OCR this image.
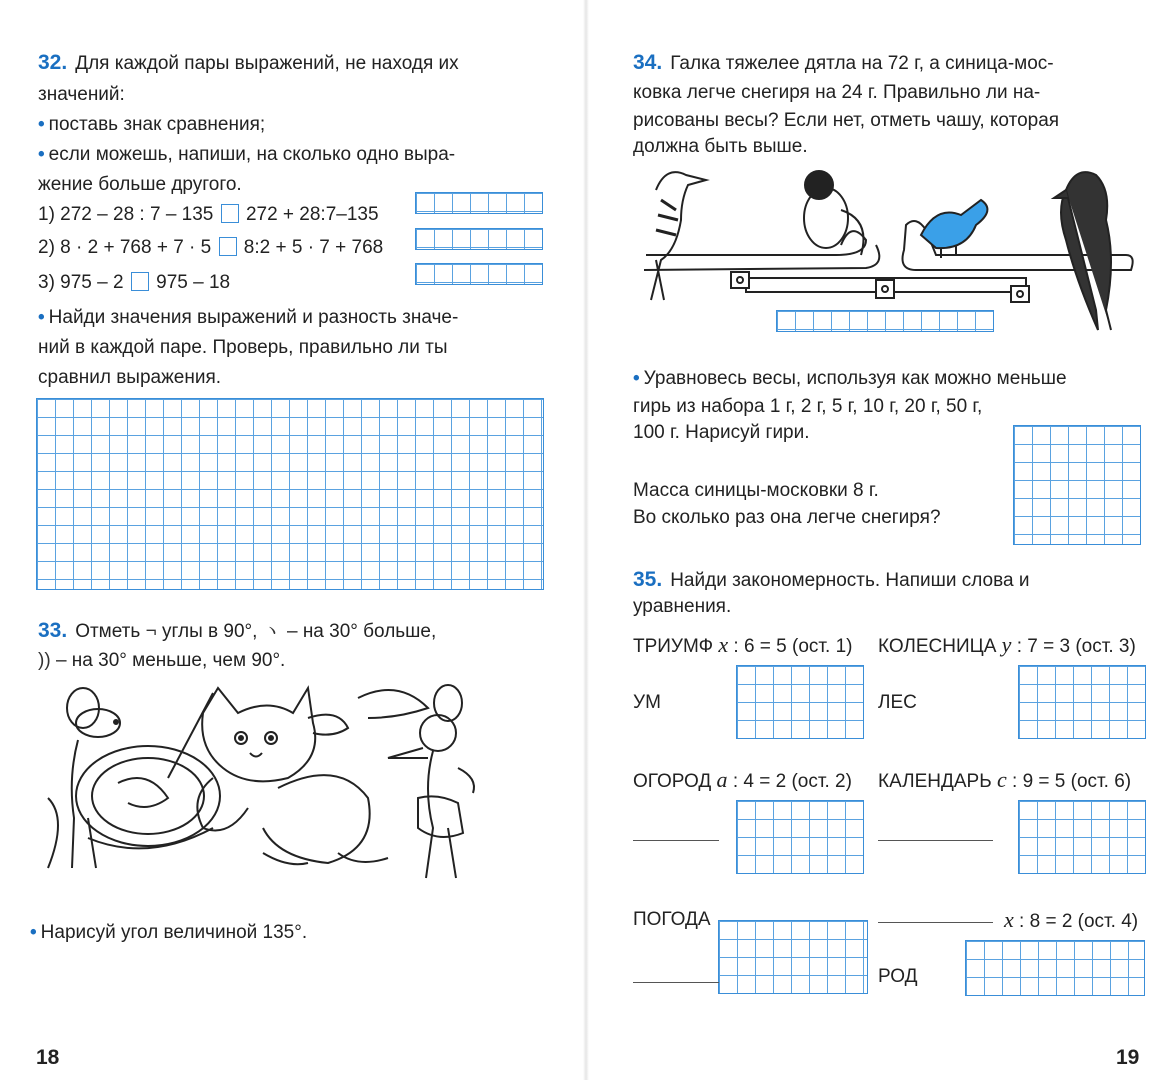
32. Для каждой пары выражений, не находя их
значений:
• поставь знак сравнения;
• если можешь, напиши, на сколько одно выра-
жение больше другого.
1) 272 – 28 : 7 – 135 272 + 28:7–135
2) 8 · 2 + 768 + 7 · 5 8:2 + 5 · 7 + 768
3) 975 – 2 975 – 18
• Найди значения выражений и разность значе-
ний в каждой паре. Проверь, правильно ли ты
сравнил выражения.
33. Отметь ¬ углы в 90°, ヽ – на 30° больше,
)) – на 30° меньше, чем 90°.
• Нарисуй угол величиной 135°.
18
34. Галка тяжелее дятла на 72 г, а синица-мос-
ковка легче снегиря на 24 г. Правильно ли на-
рисованы весы? Если нет, отметь чашу, которая
должна быть выше.
• Уравновесь весы, используя как можно меньше
гирь из набора 1 г, 2 г, 5 г, 10 г, 20 г, 50 г,
100 г. Нарисуй гири.
Масса синицы-московки 8 г.
Во сколько раз она легче снегиря?
35. Найди закономерность. Напиши слова и
уравнения.
ТРИУМФ x : 6 = 5 (ост. 1) КОЛЕСНИЦА y : 7 = 3 (ост. 3)
УМ	ЛЕС
ОГОРОД a : 4 = 2 (ост. 2) КАЛЕНДАРЬ c : 9 = 5 (ост. 6)
ПОГОДА	x : 8 = 2 (ост. 4)
РОД
19
